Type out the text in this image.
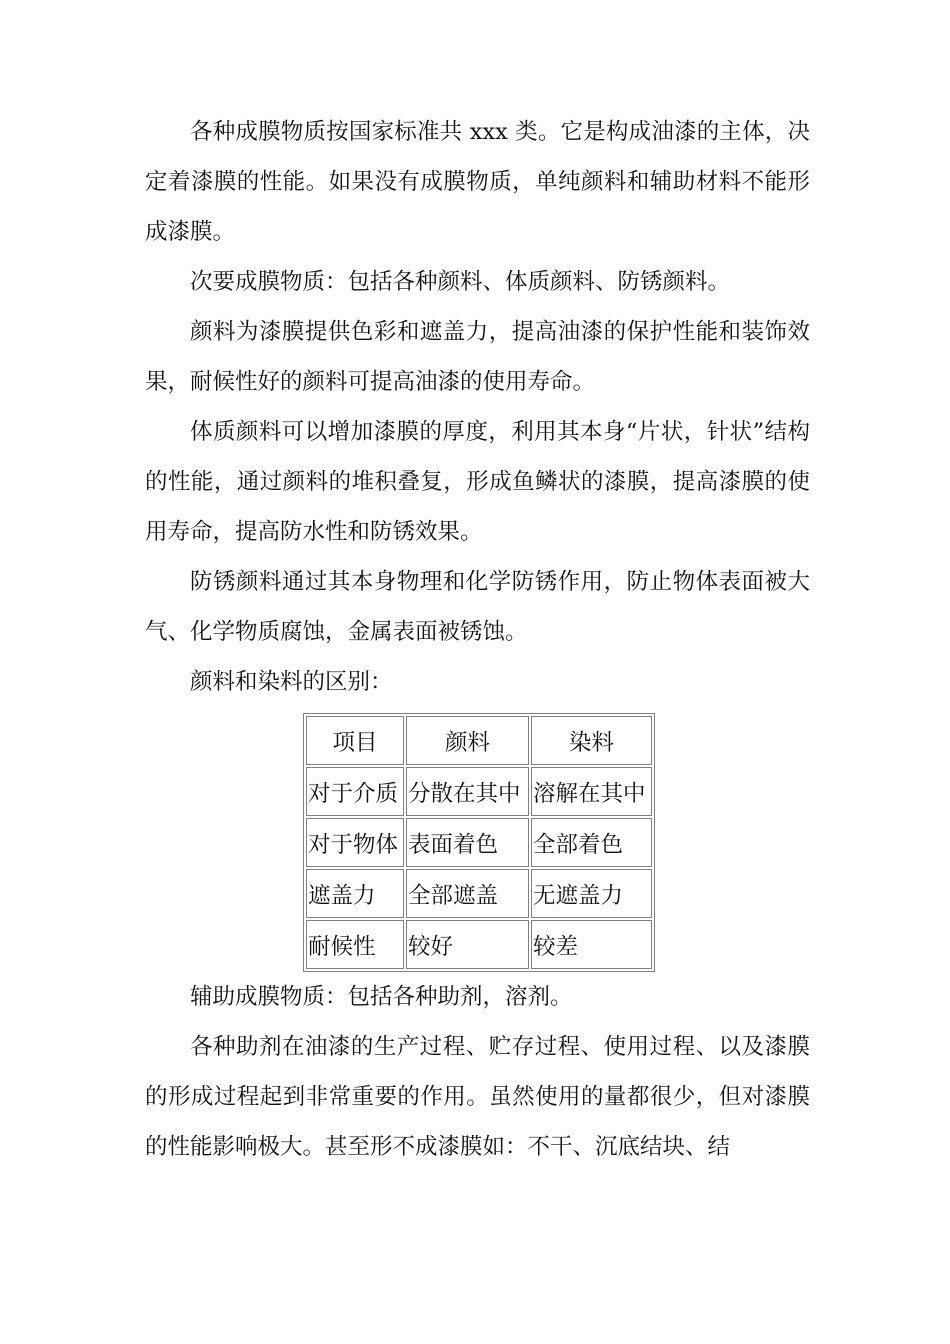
各种成膜物质按国家标准共 xxx 类。它是构成油漆的主体，决定着漆膜的性能。如果没有成膜物质，单纯颜料和辅助材料不能形成漆膜。

次要成膜物质：包括各种颜料、体质颜料、防锈颜料。

颜料为漆膜提供色彩和遮盖力，提高油漆的保护性能和装饰效果，耐候性好的颜料可提高油漆的使用寿命。

体质颜料可以增加漆膜的厚度，利用其本身“片状，针状”结构的性能，通过颜料的堆积叠复，形成鱼鳞状的漆膜，提高漆膜的使用寿命，提高防水性和防锈效果。

防锈颜料通过其本身物理和化学防锈作用，防止物体表面被大气、化学物质腐蚀，金属表面被锈蚀。

颜料和染料的区别：

项目	颜料	染料
对于介质	分散在其中	溶解在其中
对于物体	表面着色	全部着色
遮盖力	全部遮盖	无遮盖力
耐候性	较好	较差

辅助成膜物质：包括各种助剂，溶剂。

各种助剂在油漆的生产过程、贮存过程、使用过程、以及漆膜的形成过程起到非常重要的作用。虽然使用的量都很少，但对漆膜的性能影响极大。甚至形不成漆膜如：不干、沉底结块、结
